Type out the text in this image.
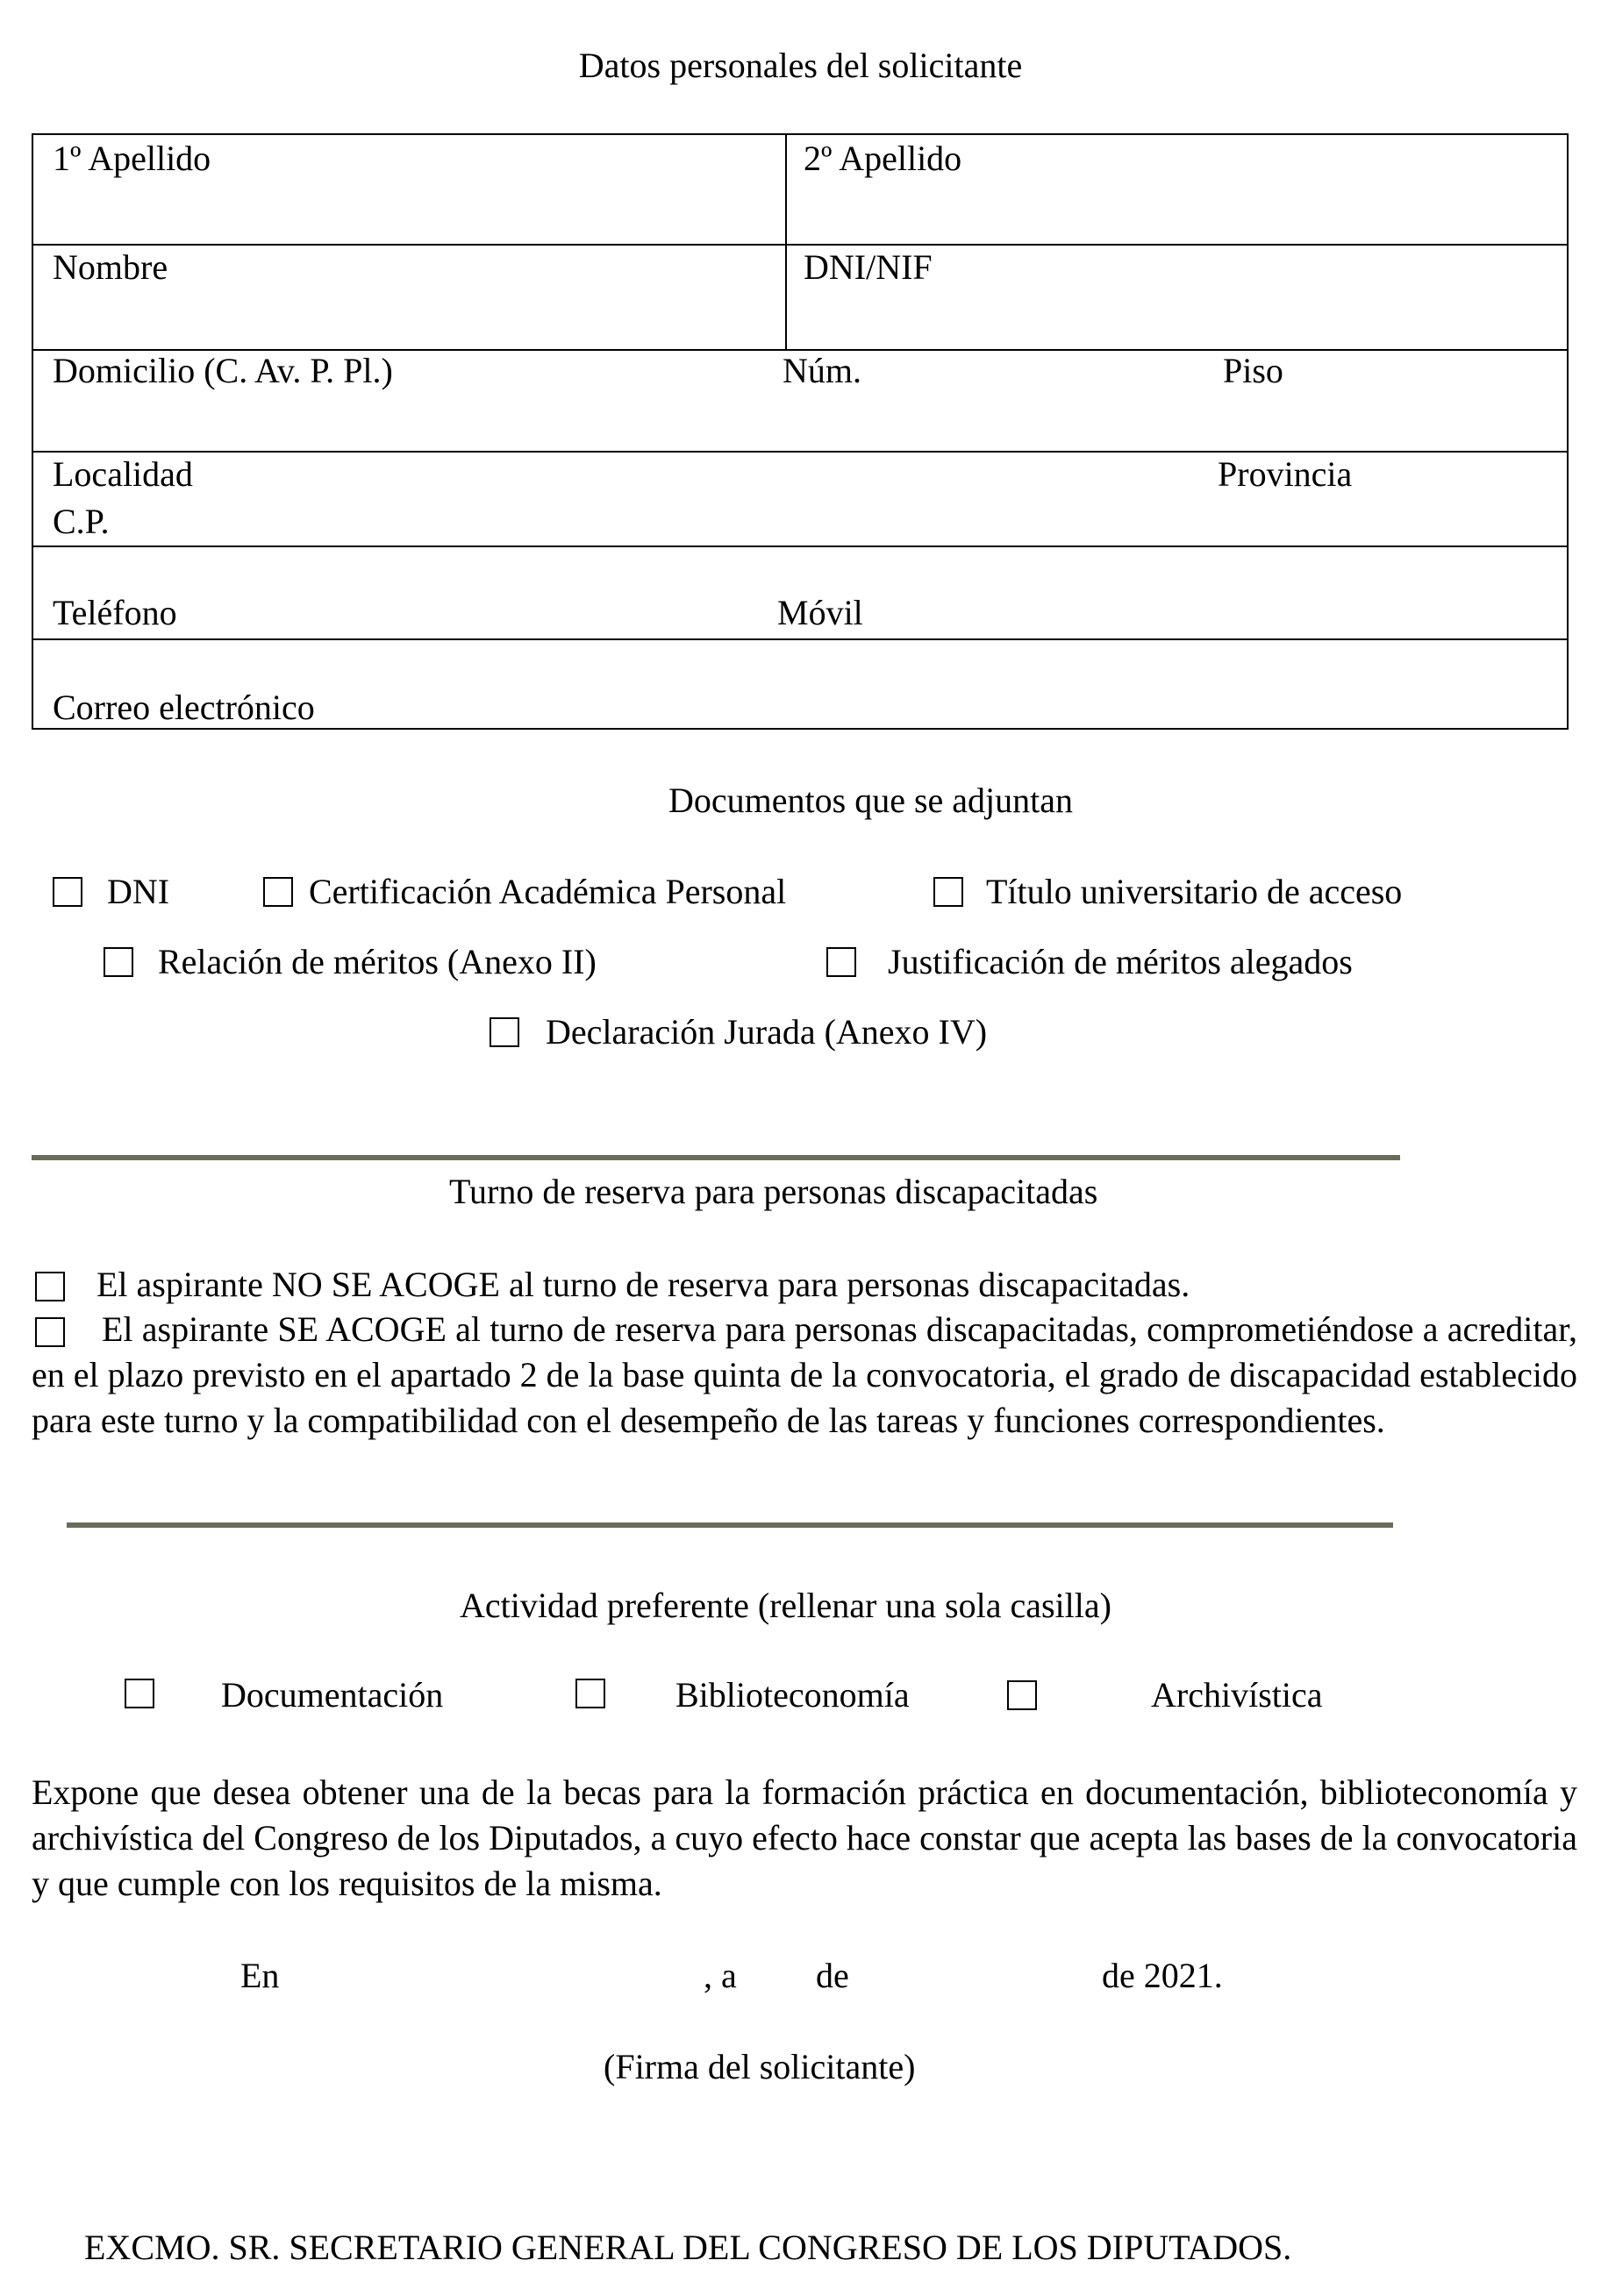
Datos personales del solicitante
1º Apellido	2º Apellido
Nombre	DNI/NIF
Domicilio (C. Av. P. Pl.)	Núm.	Piso
Localidad	Provincia
C.P.
Teléfono	Móvil
Correo electrónico
Documentos que se adjuntan
DNI	Certificación Académica Personal	Título universitario de acceso
Relación de méritos (Anexo II)	Justificación de méritos alegados
Declaración Jurada (Anexo IV)
Turno de reserva para personas discapacitadas
El aspirante NO SE ACOGE al turno de reserva para personas discapacitadas.
El aspirante SE ACOGE al turno de reserva para personas discapacitadas, comprometiéndose a acreditar, en el plazo previsto en el apartado 2 de la base quinta de la convocatoria, el grado de discapacidad establecido para este turno y la compatibilidad con el desempeño de las tareas y funciones correspondientes.
Actividad preferente (rellenar una sola casilla)
Documentación	Biblioteconomía	Archivística
Expone que desea obtener una de la becas para la formación práctica en documentación, biblioteconomía y archivística del Congreso de los Diputados, a cuyo efecto hace constar que acepta las bases de la convocatoria y que cumple con los requisitos de la misma.
En	, a de	de 2021.
(Firma del solicitante)
EXCMO. SR. SECRETARIO GENERAL DEL CONGRESO DE LOS DIPUTADOS.
